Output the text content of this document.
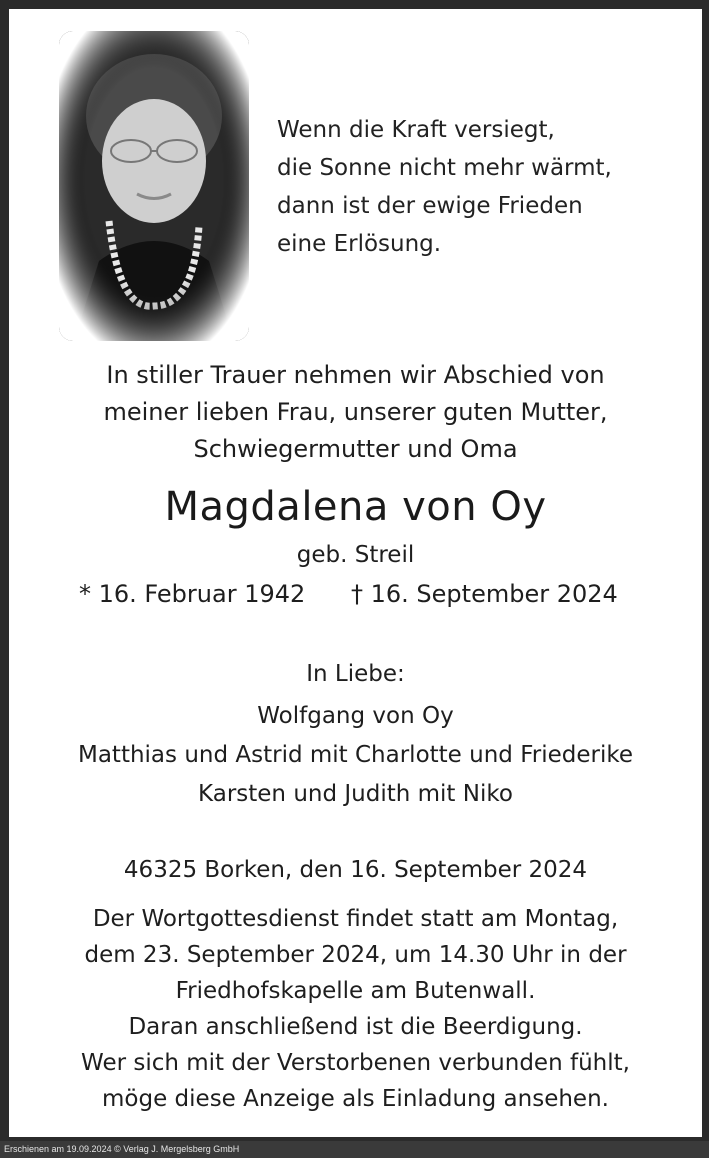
Wenn die Kraft versiegt,
die Sonne nicht mehr wärmt,
dann ist der ewige Frieden
eine Erlösung.
In stiller Trauer nehmen wir Abschied von
meiner lieben Frau, unserer guten Mutter,
Schwiegermutter und Oma
Magdalena von Oy
geb. Streil
* 16. Februar 1942 † 16. September 2024
In Liebe:
Wolfgang von Oy
Matthias und Astrid mit Charlotte und Friederike
Karsten und Judith mit Niko
46325 Borken, den 16. September 2024
Der Wortgottesdienst findet statt am Montag,
dem 23. September 2024, um 14.30 Uhr in der
Friedhofskapelle am Butenwall.
Daran anschließend ist die Beerdigung.
Wer sich mit der Verstorbenen verbunden fühlt,
möge diese Anzeige als Einladung ansehen.
Erschienen am 19.09.2024 © Verlag J. Mergelsberg GmbH
